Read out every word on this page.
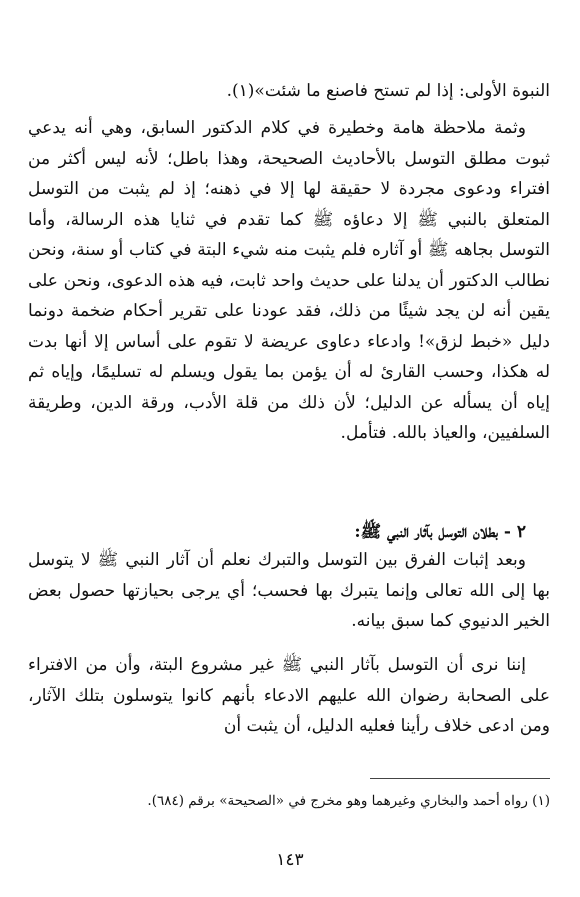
النبوة الأولى: إذا لم تستح فاصنع ما شئت»(١).

وثمة ملاحظة هامة وخطيرة في كلام الدكتور السابق، وهي أنه يدعي ثبوت مطلق التوسل بالأحاديث الصحيحة، وهذا باطل؛ لأنه ليس أكثر من افتراء ودعوى مجردة لا حقيقة لها إلا في ذهنه؛ إذ لم يثبت من التوسل المتعلق بالنبي ﷺ إلا دعاؤه ﷺ كما تقدم في ثنايا هذه الرسالة، وأما التوسل بجاهه ﷺ أو آثاره فلم يثبت منه شيء البتة في كتاب أو سنة، ونحن نطالب الدكتور أن يدلنا على حديث واحد ثابت، فيه هذه الدعوى، ونحن على يقين أنه لن يجد شيئًا من ذلك، فقد عودنا على تقرير أحكام ضخمة دونما دليل «خبط لزق»! وادعاء دعاوى عريضة لا تقوم على أساس إلا أنها بدت له هكذا، وحسب القارئ له أن يؤمن بما يقول ويسلم له تسليمًا، وإياه ثم إياه أن يسأله عن الدليل؛ لأن ذلك من قلة الأدب، ورقة الدين، وطريقة السلفيين، والعياذ بالله. فتأمل.

٢ - بطلان التوسل بآثار النبي ﷺ:

وبعد إثبات الفرق بين التوسل والتبرك نعلم أن آثار النبي ﷺ لا يتوسل بها إلى الله تعالى وإنما يتبرك بها فحسب؛ أي يرجى بحيازتها حصول بعض الخير الدنيوي كما سبق بيانه.

إننا نرى أن التوسل بآثار النبي ﷺ غير مشروع البتة، وأن من الافتراء على الصحابة رضوان الله عليهم الادعاء بأنهم كانوا يتوسلون بتلك الآثار، ومن ادعى خلاف رأينا فعليه الدليل، أن يثبت أن

(١) رواه أحمد والبخاري وغيرهما وهو مخرج في «الصحيحة» برقم (٦٨٤).
١٤٣
